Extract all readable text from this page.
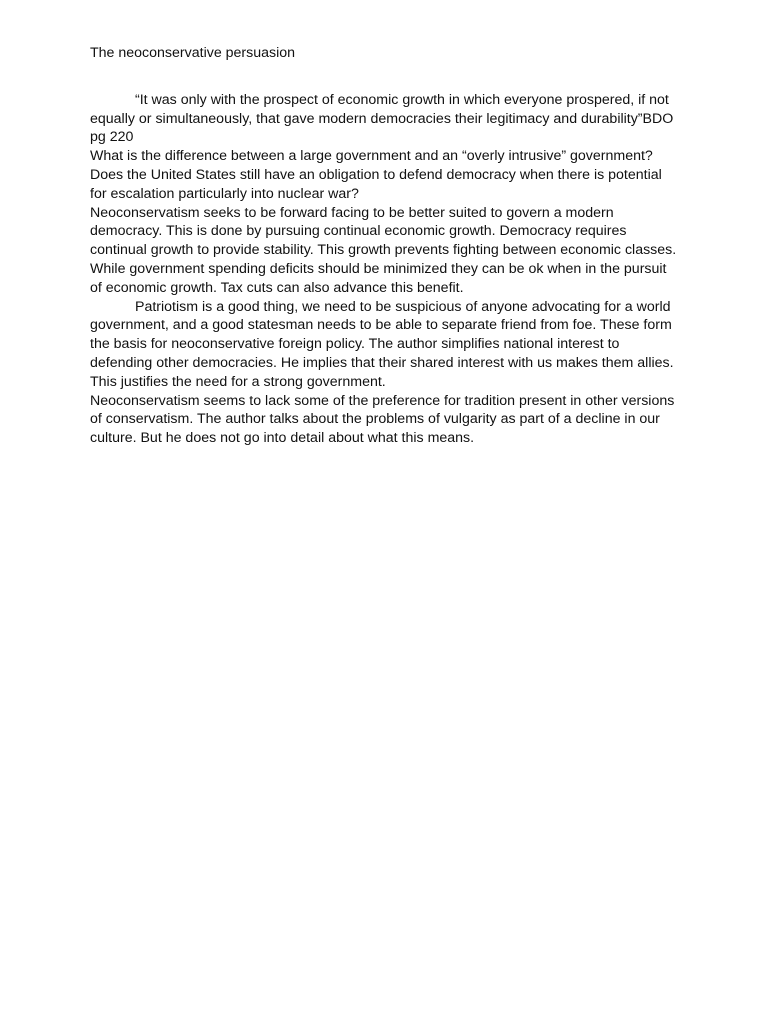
The neoconservative persuasion

“It was only with the prospect of economic growth in which everyone prospered, if not equally or simultaneously, that gave modern democracies their legitimacy and durability”BDO pg 220

What is the difference between a large government and an “overly intrusive” government?

Does the United States still have an obligation to defend democracy when there is potential for escalation particularly into nuclear war?

Neoconservatism seeks to be forward facing to be better suited to govern a modern democracy. This is done by pursuing continual economic growth. Democracy requires continual growth to provide stability. This growth prevents fighting between economic classes. While government spending deficits should be minimized they can be ok when in the pursuit of economic growth. Tax cuts can also advance this benefit.

Patriotism is a good thing, we need to be suspicious of anyone advocating for a world government, and a good statesman needs to be able to separate friend from foe. These form the basis for neoconservative foreign policy. The author simplifies national interest to defending other democracies. He implies that their shared interest with us makes them allies. This justifies the need for a strong government.

Neoconservatism seems to lack some of the preference for tradition present in other versions of conservatism. The author talks about the problems of vulgarity as part of a decline in our culture. But he does not go into detail about what this means.
